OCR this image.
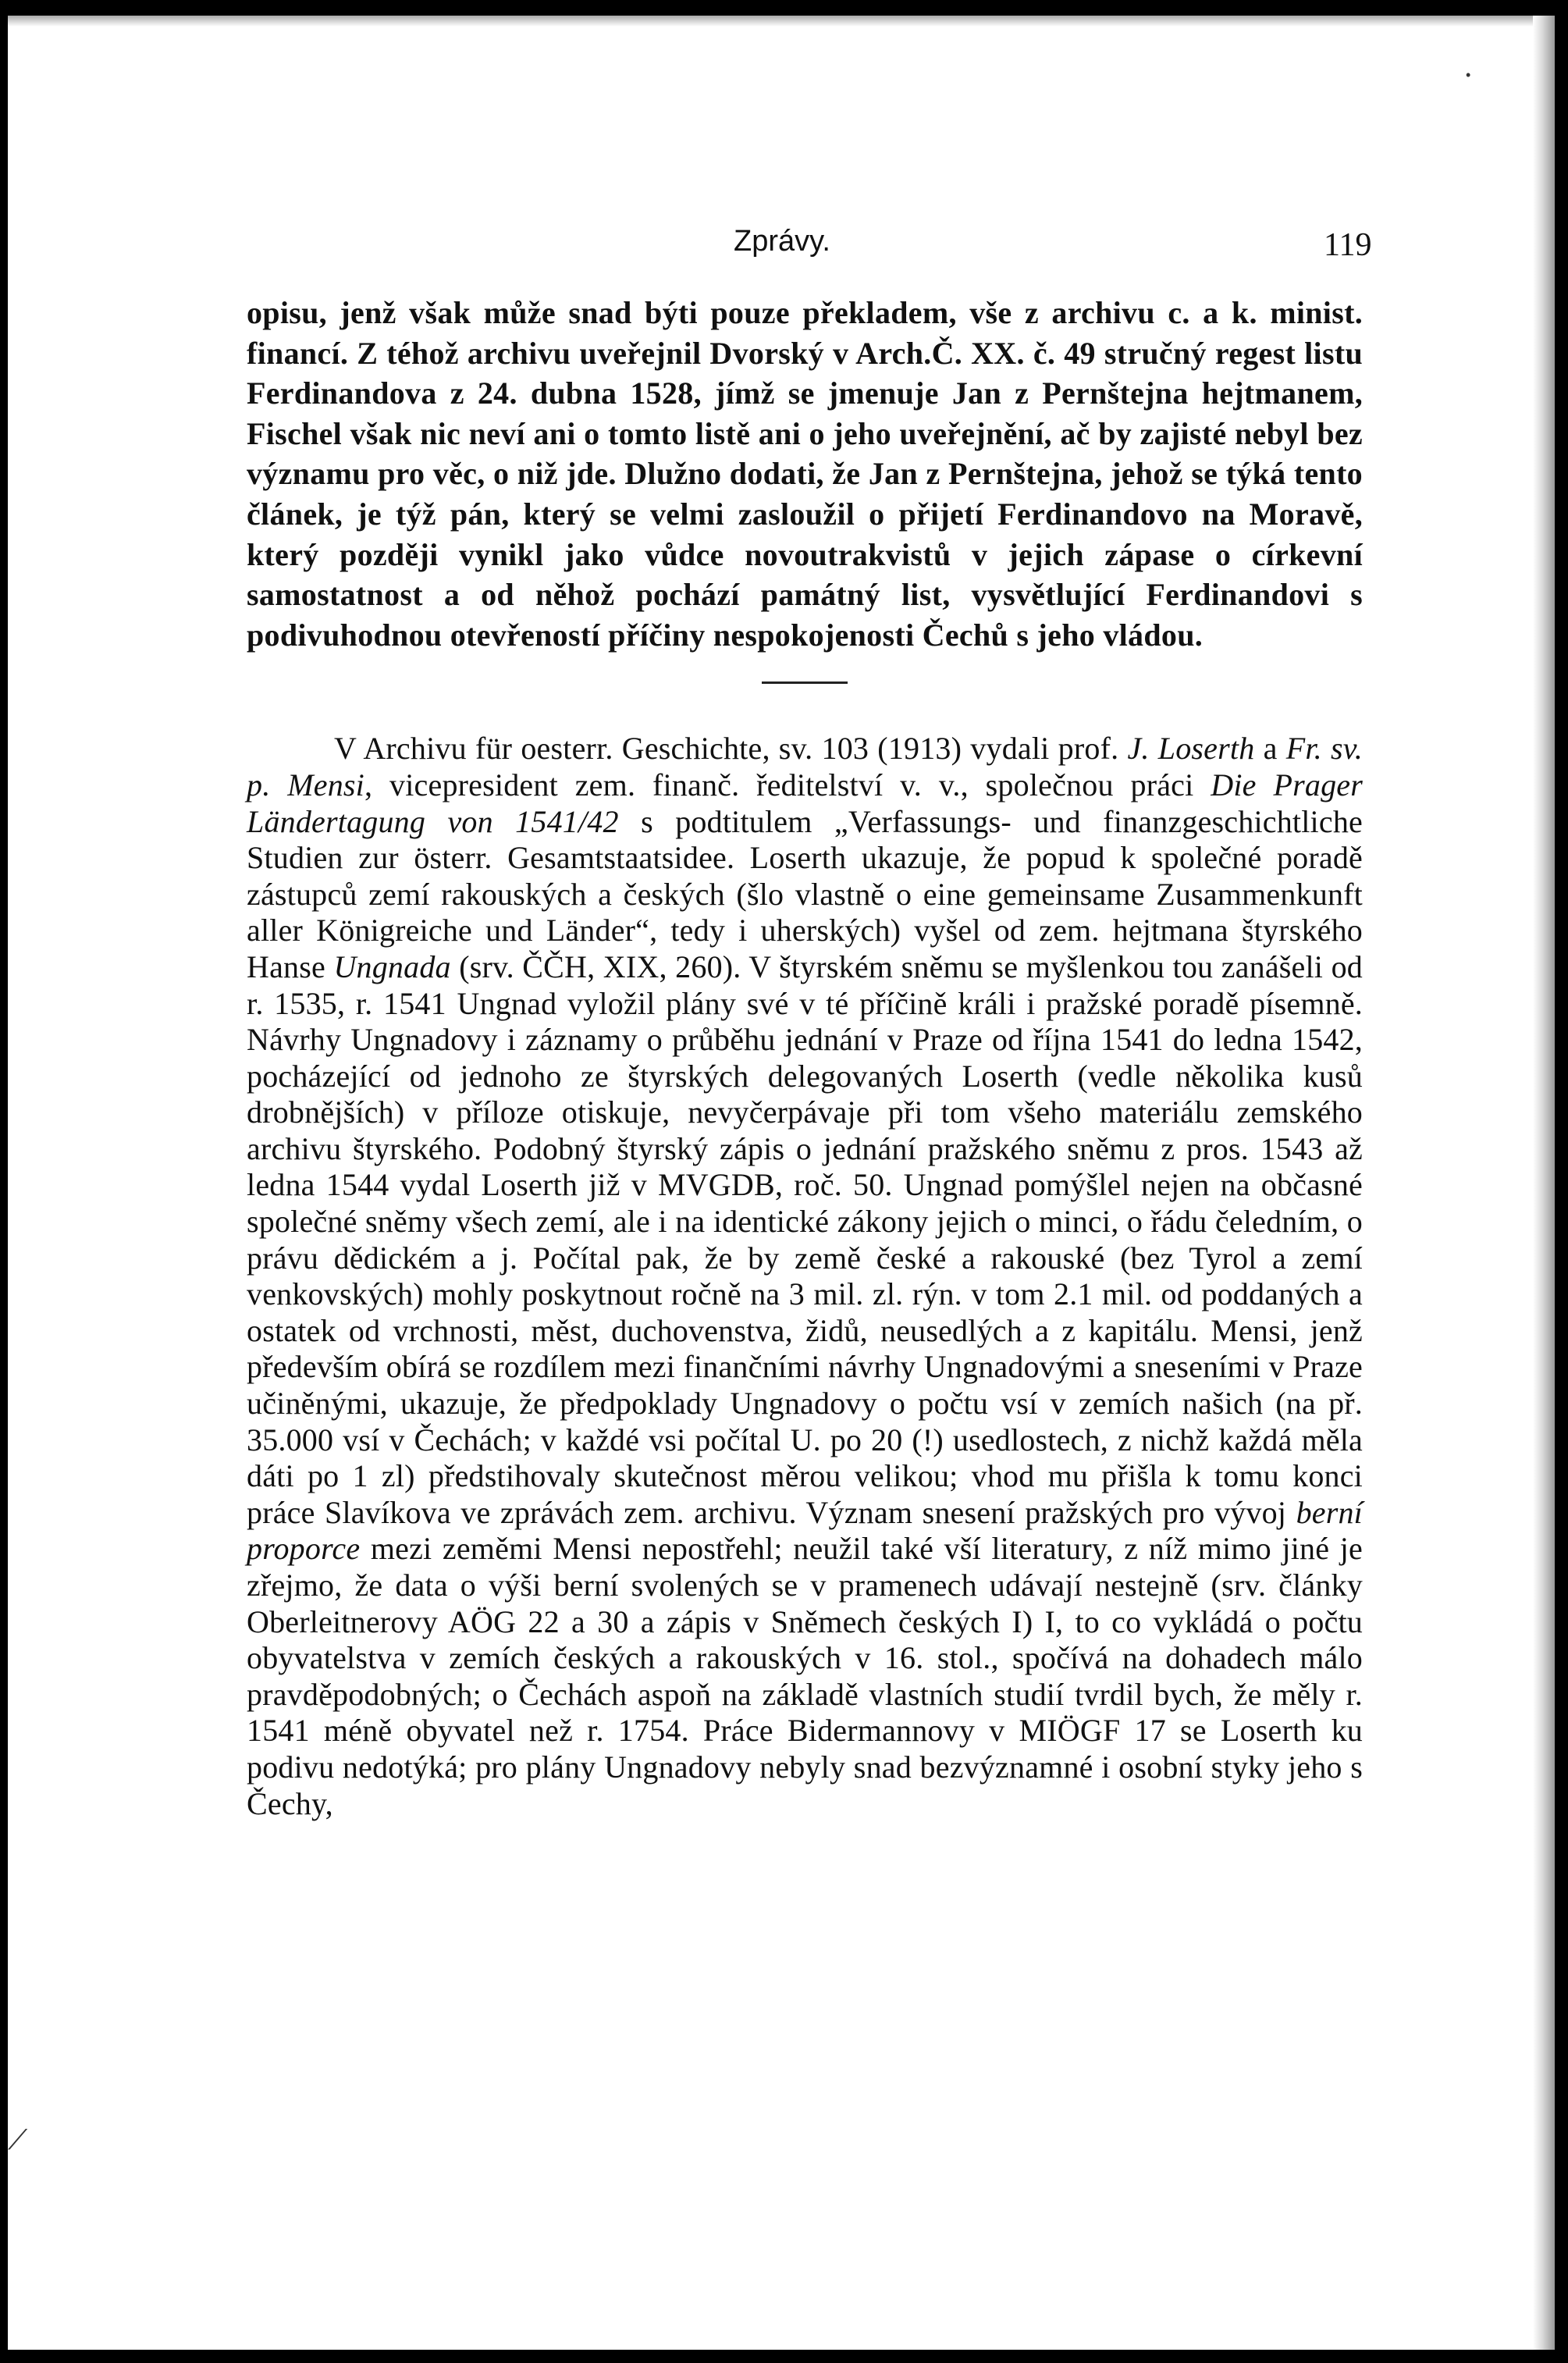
Zprávy.	119

opisu, jenž však může snad býti pouze překladem, vše z archivu c. a k. minist. financí. Z téhož archivu uveřejnil Dvorský v Arch.Č. XX. č. 49 stručný regest listu Ferdinandova z 24. dubna 1528, jímž se jmenuje Jan z Pernštejna hejtmanem, Fischel však nic neví ani o tomto listě ani o jeho uveřejnění, ač by zajisté nebyl bez významu pro věc, o niž jde. Dlužno dodati, že Jan z Pernštejna, jehož se týká tento článek, je týž pán, který se velmi zasloužil o přijetí Ferdinandovo na Moravě, který později vynikl jako vůdce novoutrakvistů v jejich zápase o církevní samostatnost a od něhož pochází památný list, vysvětlující Ferdinandovi s podivuhodnou otevřeností příčiny nespokojenosti Čechů s jeho vládou.

V Archivu für oesterr. Geschichte, sv. 103 (1913) vydali prof. J. Loserth a Fr. sv. p. Mensi, vicepresident zem. finanč. ředitelství v. v., společnou práci Die Prager Ländertagung von 1541/42 s podtitulem „Verfassungs- und finanzgeschichtliche Studien zur österr. Gesamtstaatsidee. Loserth ukazuje, že popud k společné poradě zástupců zemí rakouských a českých (šlo vlastně o eine gemeinsame Zusammenkunft aller Königreiche und Länder“, tedy i uherských) vyšel od zem. hejtmana štyrského Hanse Ungnada (srv. ČČH, XIX, 260). V štyrském sněmu se myšlenkou tou zanášeli od r. 1535, r. 1541 Ungnad vyložil plány své v té příčině králi i pražské poradě písemně. Návrhy Ungnadovy i záznamy o průběhu jednání v Praze od října 1541 do ledna 1542, pocházející od jednoho ze štyrských delegovaných Loserth (vedle několika kusů drobnějších) v příloze otiskuje, nevyčerpávaje při tom všeho materiálu zemského archivu štyrského. Podobný štyrský zápis o jednání pražského sněmu z pros. 1543 až ledna 1544 vydal Loserth již v MVGDB, roč. 50. Ungnad pomýšlel nejen na občasné společné sněmy všech zemí, ale i na identické zákony jejich o minci, o řádu čeledním, o právu dědickém a j. Počítal pak, že by země české a rakouské (bez Tyrol a zemí venkovských) mohly poskytnout ročně na 3 mil. zl. rýn. v tom 2.1 mil. od poddaných a ostatek od vrchnosti, měst, duchovenstva, židů, neusedlých a z kapitálu. Mensi, jenž především obírá se rozdílem mezi finančními návrhy Ungnadovými a sneseními v Praze učiněnými, ukazuje, že předpoklady Ungnadovy o počtu vsí v zemích našich (na př. 35.000 vsí v Čechách; v každé vsi počítal U. po 20 (!) usedlostech, z nichž každá měla dáti po 1 zl) předstihovaly skutečnost měrou velikou; vhod mu přišla k tomu konci práce Slavíkova ve zprávách zem. archivu. Význam snesení pražských pro vývoj berní proporce mezi zeměmi Mensi nepostřehl; neužil také vší literatury, z níž mimo jiné je zřejmo, že data o výši berní svolených se v pramenech udávají nestejně (srv. články Oberleitnerovy AÖG 22 a 30 a zápis v Sněmech českých I) I, to co vykládá o počtu obyvatelstva v zemích českých a rakouských v 16. stol., spočívá na dohadech málo pravděpodobných; o Čechách aspoň na základě vlastních studií tvrdil bych, že měly r. 1541 méně obyvatel než r. 1754. Práce Bidermannovy v MIÖGF 17 se Loserth ku podivu nedotýká; pro plány Ungnadovy nebyly snad bezvýznamné i osobní styky jeho s Čechy,

•
⟋
